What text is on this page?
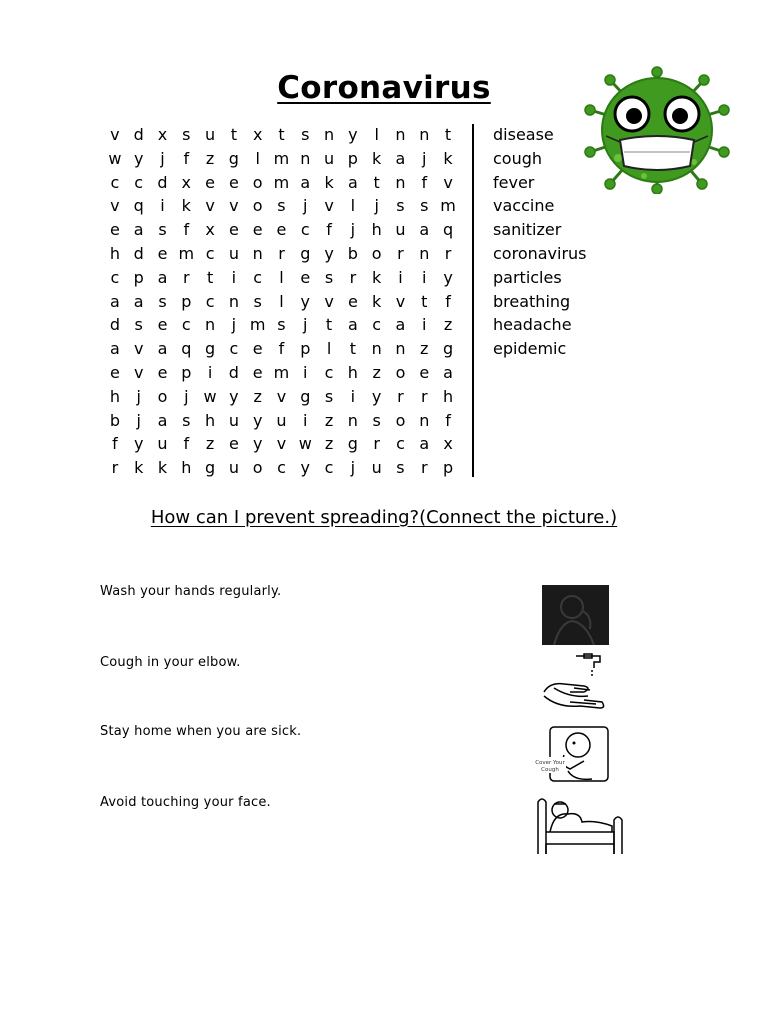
Coronavirus
v d x s u t x t	s n y	l	n n t
w y	j	f	z g	l m n u p k a	j	k
c c d x e e o m a k a t n f	v
v q	i	k v v o s	j	v	l	j	s s m
e a s	f	x e e e c	f	j	h u a q
h d e m c u n r g y b o r n r
c p a r	t	i	c	l	e s	r k	i	i	y
a a s p c n s	l	y v e k v t	f
d s e c n	j m s	j	t a c a	i	z
a v a q g c e	f p	l	t n n z g
e v e p	i	d e m i	c h z o e a
h	j	o	j w y z v g s	i	y r	r h
b	j	a s h u y u	i	z n s o n f
f	y u f	z e y v w z g r	c a x
r k k h g u o c y c	j	u s	r p
disease
cough
fever
vaccine
sanitizer
coronavirus
particles
breathing
headache
epidemic
How can I prevent spreading?(Connect the picture.)
Wash your hands regularly.
Cough in your elbow.
Stay home when you are sick.
Avoid touching your face.
Cover Your
Cough
